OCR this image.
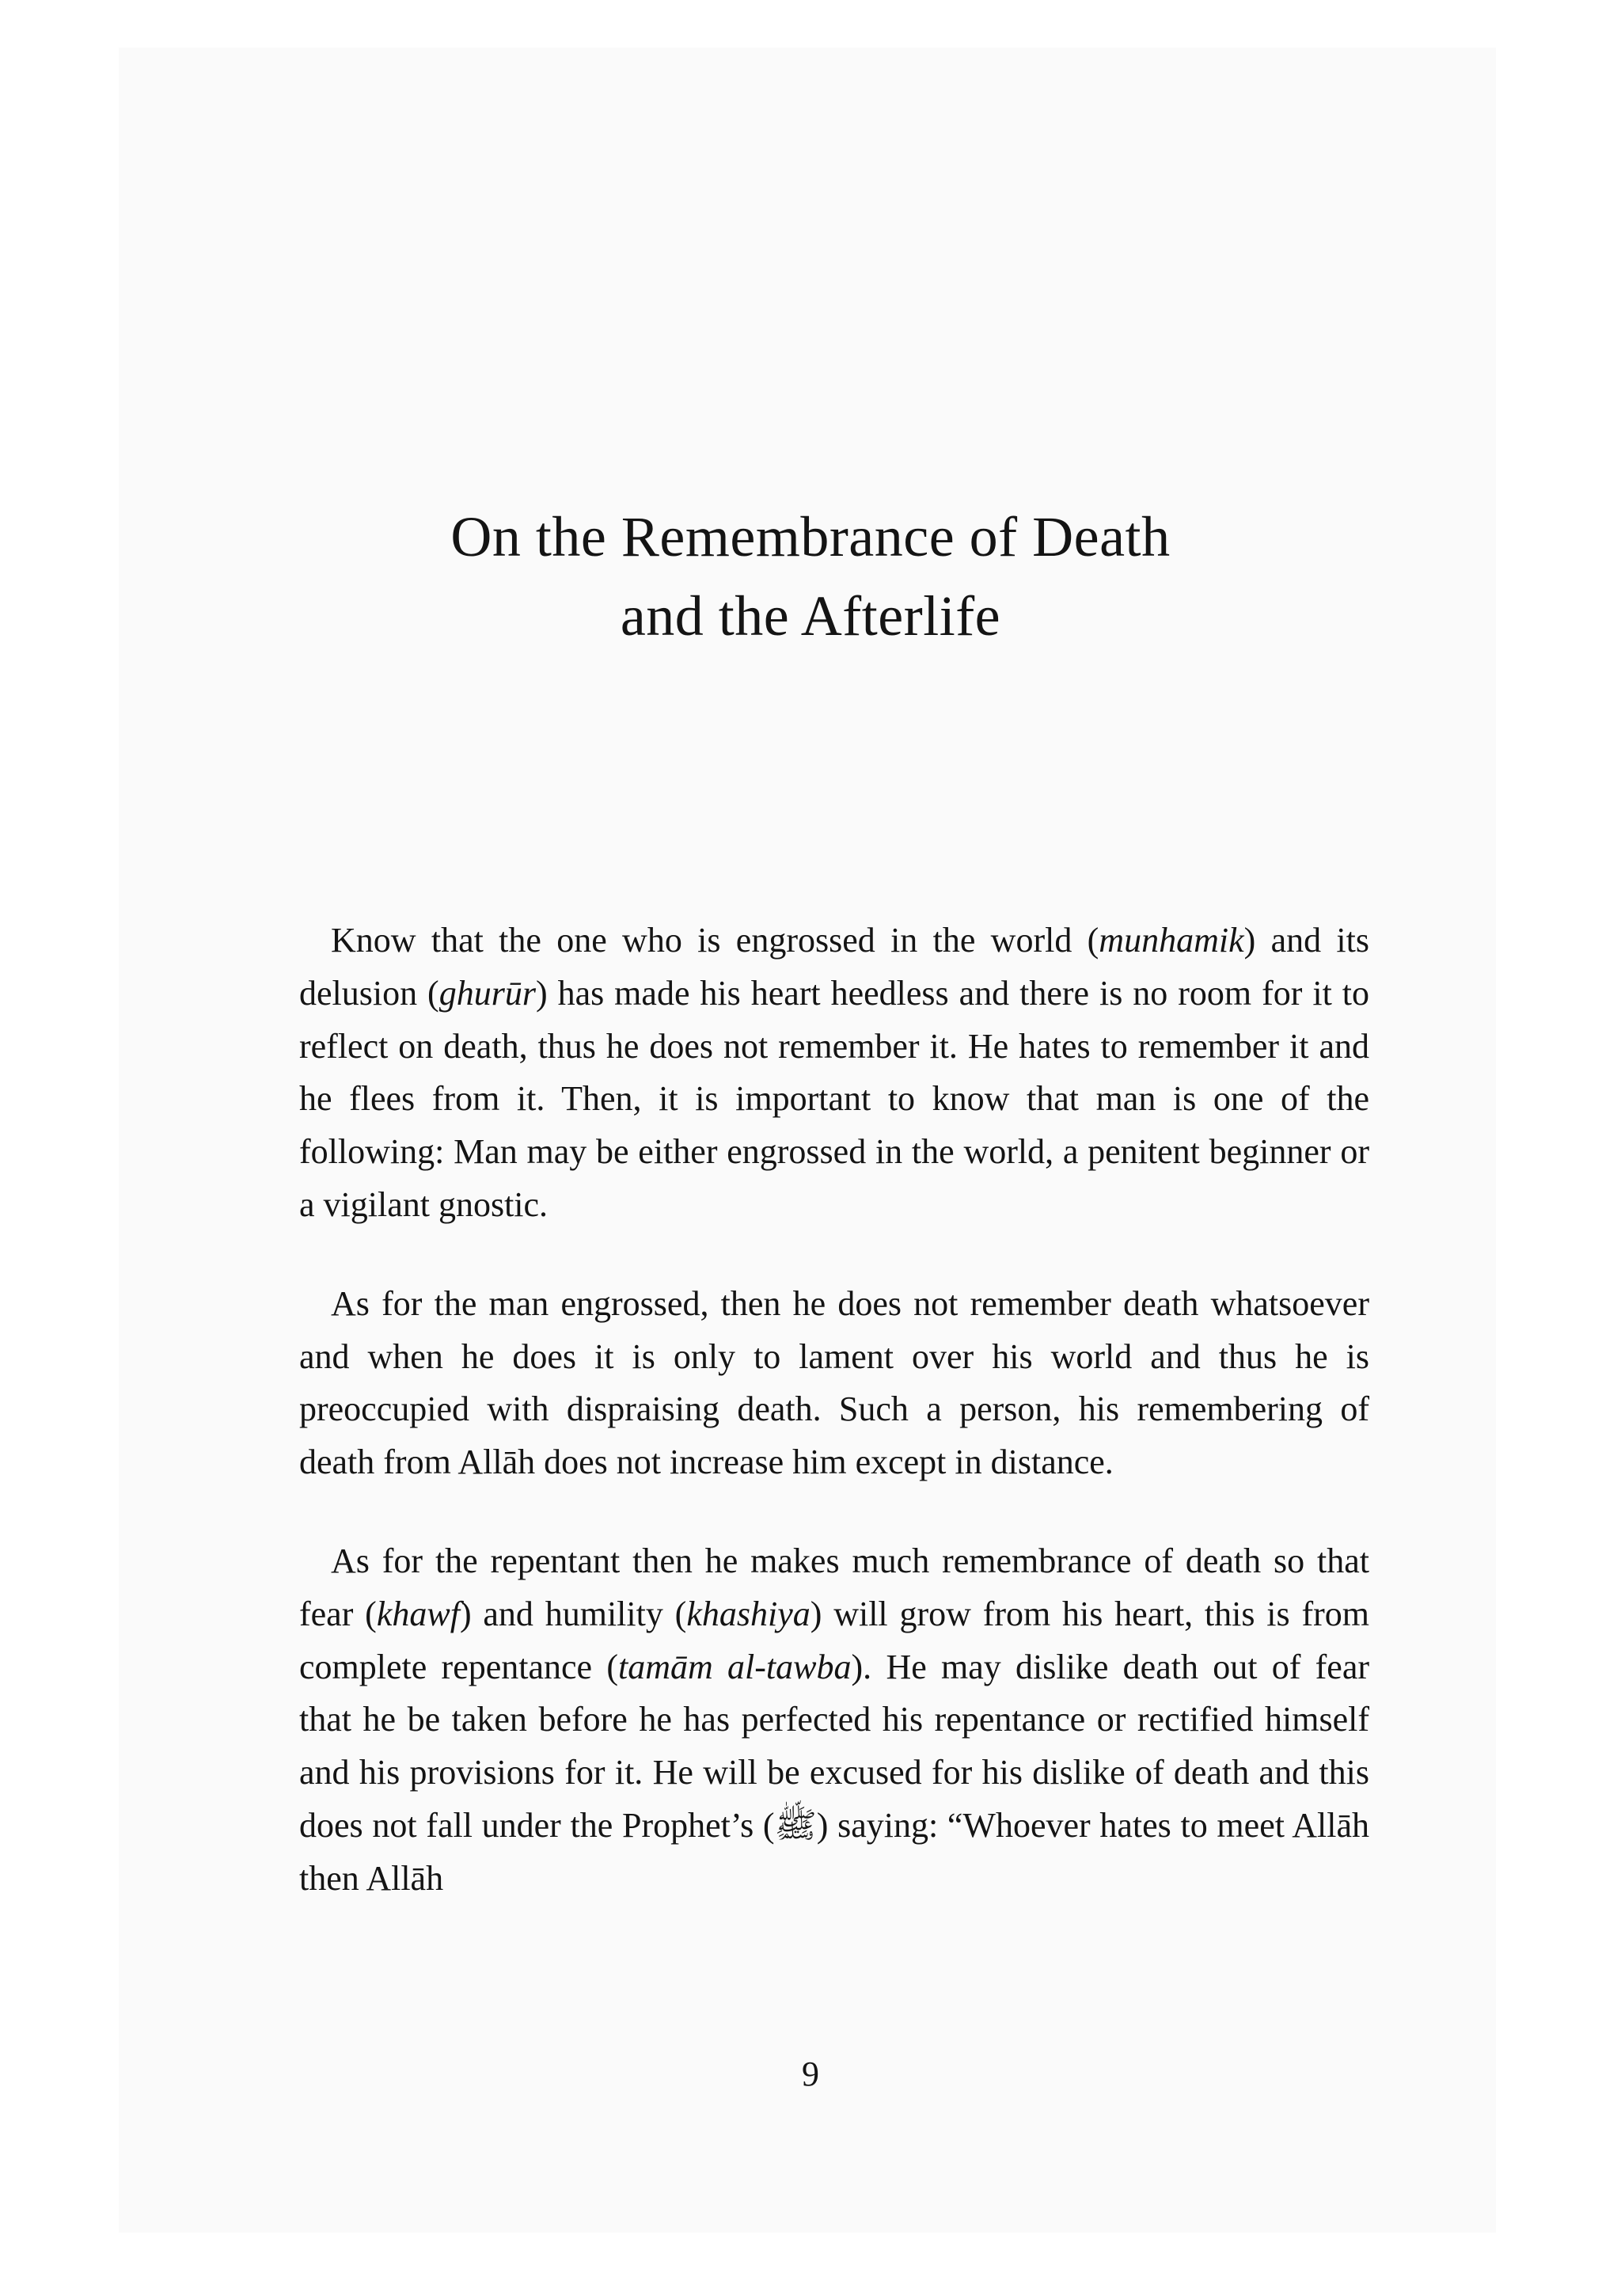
On the Remembrance of Death
and the Afterlife

Know that the one who is engrossed in the world (munhamik) and its delusion (ghurūr) has made his heart heedless and there is no room for it to reflect on death, thus he does not remember it. He hates to remember it and he flees from it. Then, it is important to know that man is one of the following: Man may be either engrossed in the world, a penitent beginner or a vigilant gnostic.

As for the man engrossed, then he does not remember death whatsoever and when he does it is only to lament over his world and thus he is preoccupied with dispraising death. Such a person, his remembering of death from Allāh does not increase him except in distance.

As for the repentant then he makes much remembrance of death so that fear (khawf) and humility (khashiya) will grow from his heart, this is from complete repentance (tamām al-tawba). He may dislike death out of fear that he be taken before he has perfected his repentance or rectified himself and his provisions for it. He will be excused for his dislike of death and this does not fall under the Prophet’s (ﷺ) saying: “Whoever hates to meet Allāh then Allāh

9
